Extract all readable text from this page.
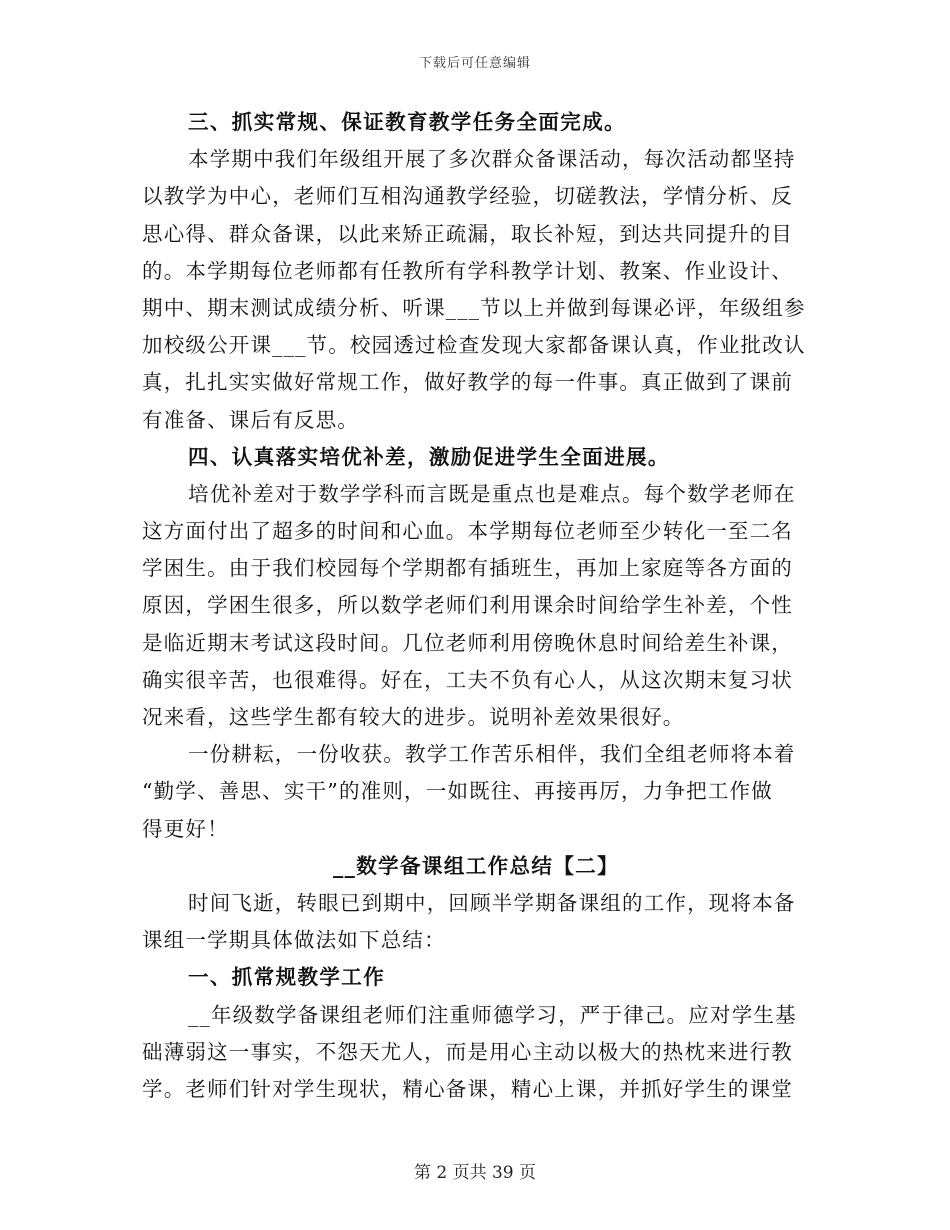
下载后可任意编辑
三、抓实常规、保证教育教学任务全面完成。
本学期中我们年级组开展了多次群众备课活动，每次活动都坚持
以教学为中心，老师们互相沟通教学经验，切磋教法，学情分析、反
思心得、群众备课，以此来矫正疏漏，取长补短，到达共同提升的目
的。本学期每位老师都有任教所有学科教学计划、教案、作业设计、
期中、期末测试成绩分析、听课___节以上并做到每课必评，年级组参
加校级公开课___节。校园透过检查发现大家都备课认真，作业批改认
真，扎扎实实做好常规工作，做好教学的每一件事。真正做到了课前
有准备、课后有反思。
四、认真落实培优补差，激励促进学生全面进展。
培优补差对于数学学科而言既是重点也是难点。每个数学老师在
这方面付出了超多的时间和心血。本学期每位老师至少转化一至二名
学困生。由于我们校园每个学期都有插班生，再加上家庭等各方面的
原因，学困生很多，所以数学老师们利用课余时间给学生补差，个性
是临近期末考试这段时间。几位老师利用傍晚休息时间给差生补课，
确实很辛苦，也很难得。好在，工夫不负有心人，从这次期末复习状
况来看，这些学生都有较大的进步。说明补差效果很好。
一份耕耘，一份收获。教学工作苦乐相伴，我们全组老师将本着
“勤学、善思、实干”的准则，一如既往、再接再厉，力争把工作做
得更好！
__数学备课组工作总结【二】
时间飞逝，转眼已到期中，回顾半学期备课组的工作，现将本备
课组一学期具体做法如下总结：
一、抓常规教学工作
__年级数学备课组老师们注重师德学习，严于律己。应对学生基
础薄弱这一事实，不怨天尤人，而是用心主动以极大的热枕来进行教
学。老师们针对学生现状，精心备课，精心上课，并抓好学生的课堂
第 2 页共 39 页
